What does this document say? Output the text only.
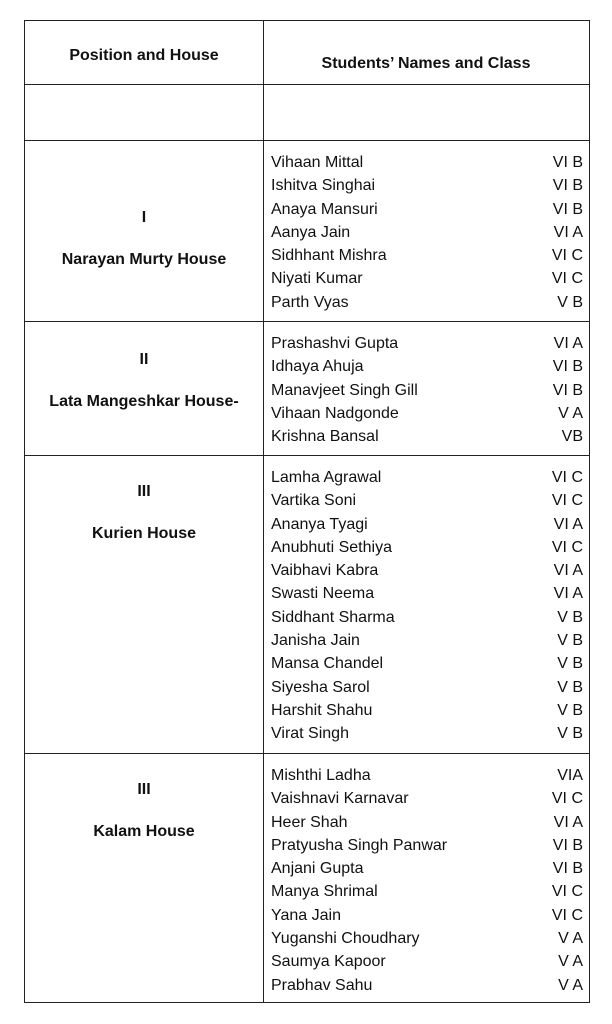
Position and House	Students’ Names and Class
I
Narayan Murty House
Vihaan Mittal	VI B
Ishitva Singhai	VI B
Anaya Mansuri	VI B
Aanya Jain	VI A
Sidhhant Mishra	VI C
Niyati Kumar	VI C
Parth Vyas	V B
II
Lata Mangeshkar House-
Prashashvi Gupta	VI A
Idhaya Ahuja	VI B
Manavjeet Singh Gill	VI B
Vihaan Nadgonde	V A
Krishna Bansal	VB
III
Kurien House
Lamha Agrawal	VI C
Vartika Soni	VI C
Ananya Tyagi	VI A
Anubhuti Sethiya	VI C
Vaibhavi Kabra	VI A
Swasti Neema	VI A
Siddhant Sharma	V B
Janisha Jain	V B
Mansa Chandel	V B
Siyesha Sarol	V B
Harshit Shahu	V B
Virat Singh	V B
III
Kalam House
Mishthi Ladha	VIA
Vaishnavi Karnavar	VI C
Heer Shah	VI A
Pratyusha Singh Panwar	VI B
Anjani Gupta	VI B
Manya Shrimal	VI C
Yana Jain	VI C
Yuganshi Choudhary	V A
Saumya Kapoor	V A
Prabhav Sahu	V A
